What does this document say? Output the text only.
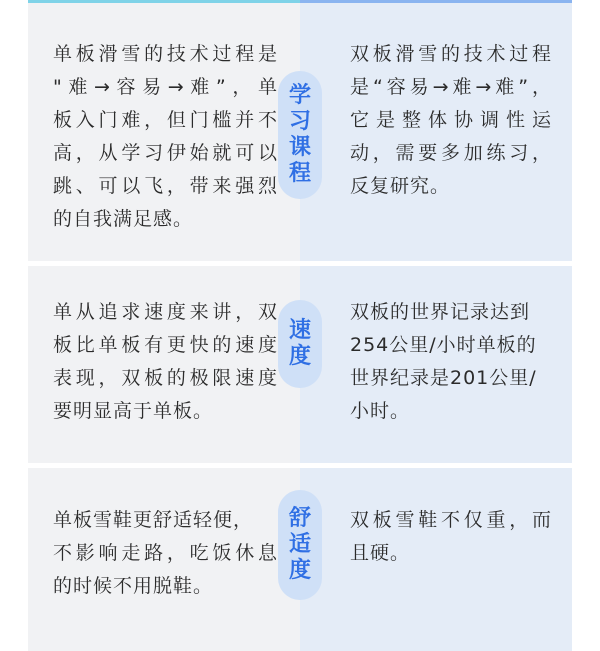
单板滑雪的技术过程是
"难→容易→难”，单
板入门难，但门槛并不
高，从学习伊始就可以
跳、可以飞，带来强烈
的自我满足感。
双板滑雪的技术过程
是“容易→难→难”，
它是整体协调性运
动，需要多加练习，
反复研究。
学
习
课
程
单从追求速度来讲，双
板比单板有更快的速度
表现，双板的极限速度
要明显高于单板。
双板的世界记录达到
254公里/小时单板的
世界纪录是201公里/
小时。
速
度
单板雪鞋更舒适轻便，
不影响走路，吃饭休息
的时候不用脱鞋。
双板雪鞋不仅重，而
且硬。
舒
适
度
